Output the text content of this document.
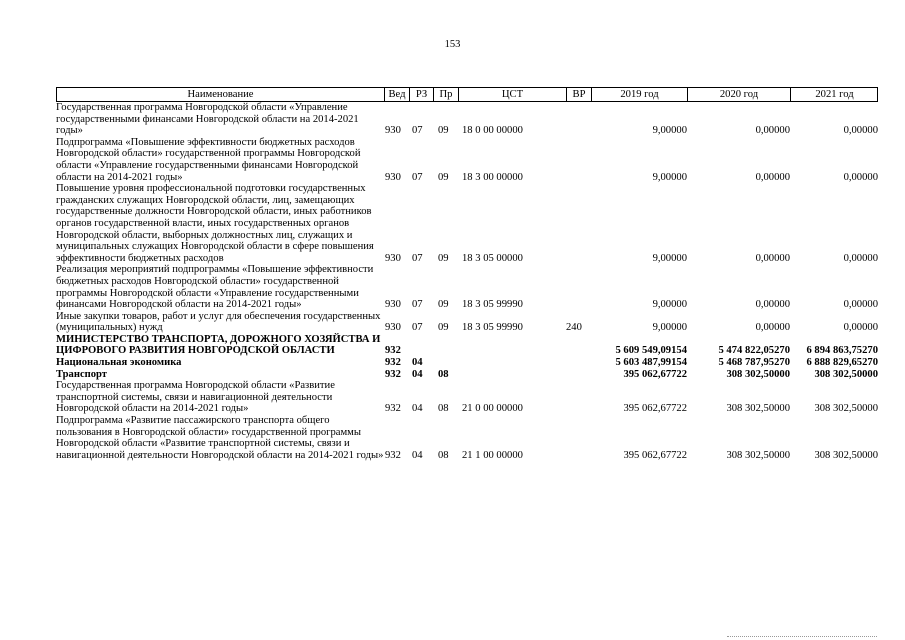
153
Наименование	Вед РЗ	Пр	ЦСТ	ВР	2019 год	2020 год	2021 год
Государственная программа Новгородской области «Управление государственными финансами Новгородской области на 2014-2021 годы»	930	07	09	18 0 00 00000	9,00000	0,00000	0,00000
Подпрограмма «Повышение эффективности бюджетных расходов Новгородской области» государственной программы Новгородской области «Управление государственными финансами Новгородской области на 2014-2021 годы»	930	07	09	18 3 00 00000	9,00000	0,00000	0,00000
Повышение уровня профессиональной подготовки государственных гражданских служащих Новгородской области, лиц, замещающих государственные должности Новгородской области, иных работников органов государственной власти, иных государственных органов Новгородской области, выборных должностных лиц, служащих и муниципальных служащих Новгородской области в сфере повышения эффективности бюджетных расходов	930	07	09	18 3 05 00000	9,00000	0,00000	0,00000
Реализация мероприятий подпрограммы «Повышение эффективности бюджетных расходов Новгородской области» государственной программы Новгородской области «Управление государственными финансами Новгородской области на 2014-2021 годы»	930	07	09	18 3 05 99990	9,00000	0,00000	0,00000
Иные закупки товаров, работ и услуг для обеспечения государственных (муниципальных) нужд	930	07	09	18 3 05 99990	240	9,00000	0,00000	0,00000
МИНИСТЕРСТВО ТРАНСПОРТА, ДОРОЖНОГО ХОЗЯЙСТВА И ЦИФРОВОГО РАЗВИТИЯ НОВГОРОДСКОЙ ОБЛАСТИ	932	5 609 549,09154	5 474 822,05270	6 894 863,75270
Национальная экономика	932	04	5 603 487,99154	5 468 787,95270	6 888 829,65270
Транспорт	932	04	08	395 062,67722	308 302,50000	308 302,50000
Государственная программа Новгородской области «Развитие транспортной системы, связи и навигационной деятельности Новгородской области на 2014-2021 годы»	932	04	08	21 0 00 00000	395 062,67722	308 302,50000	308 302,50000
Подпрограмма «Развитие пассажирского транспорта общего пользования в Новгородской области» государственной программы Новгородской области «Развитие транспортной системы, связи и навигационной деятельности Новгородской области на 2014-2021 годы» 932	04	08	21 1 00 00000	395 062,67722	308 302,50000	308 302,50000
